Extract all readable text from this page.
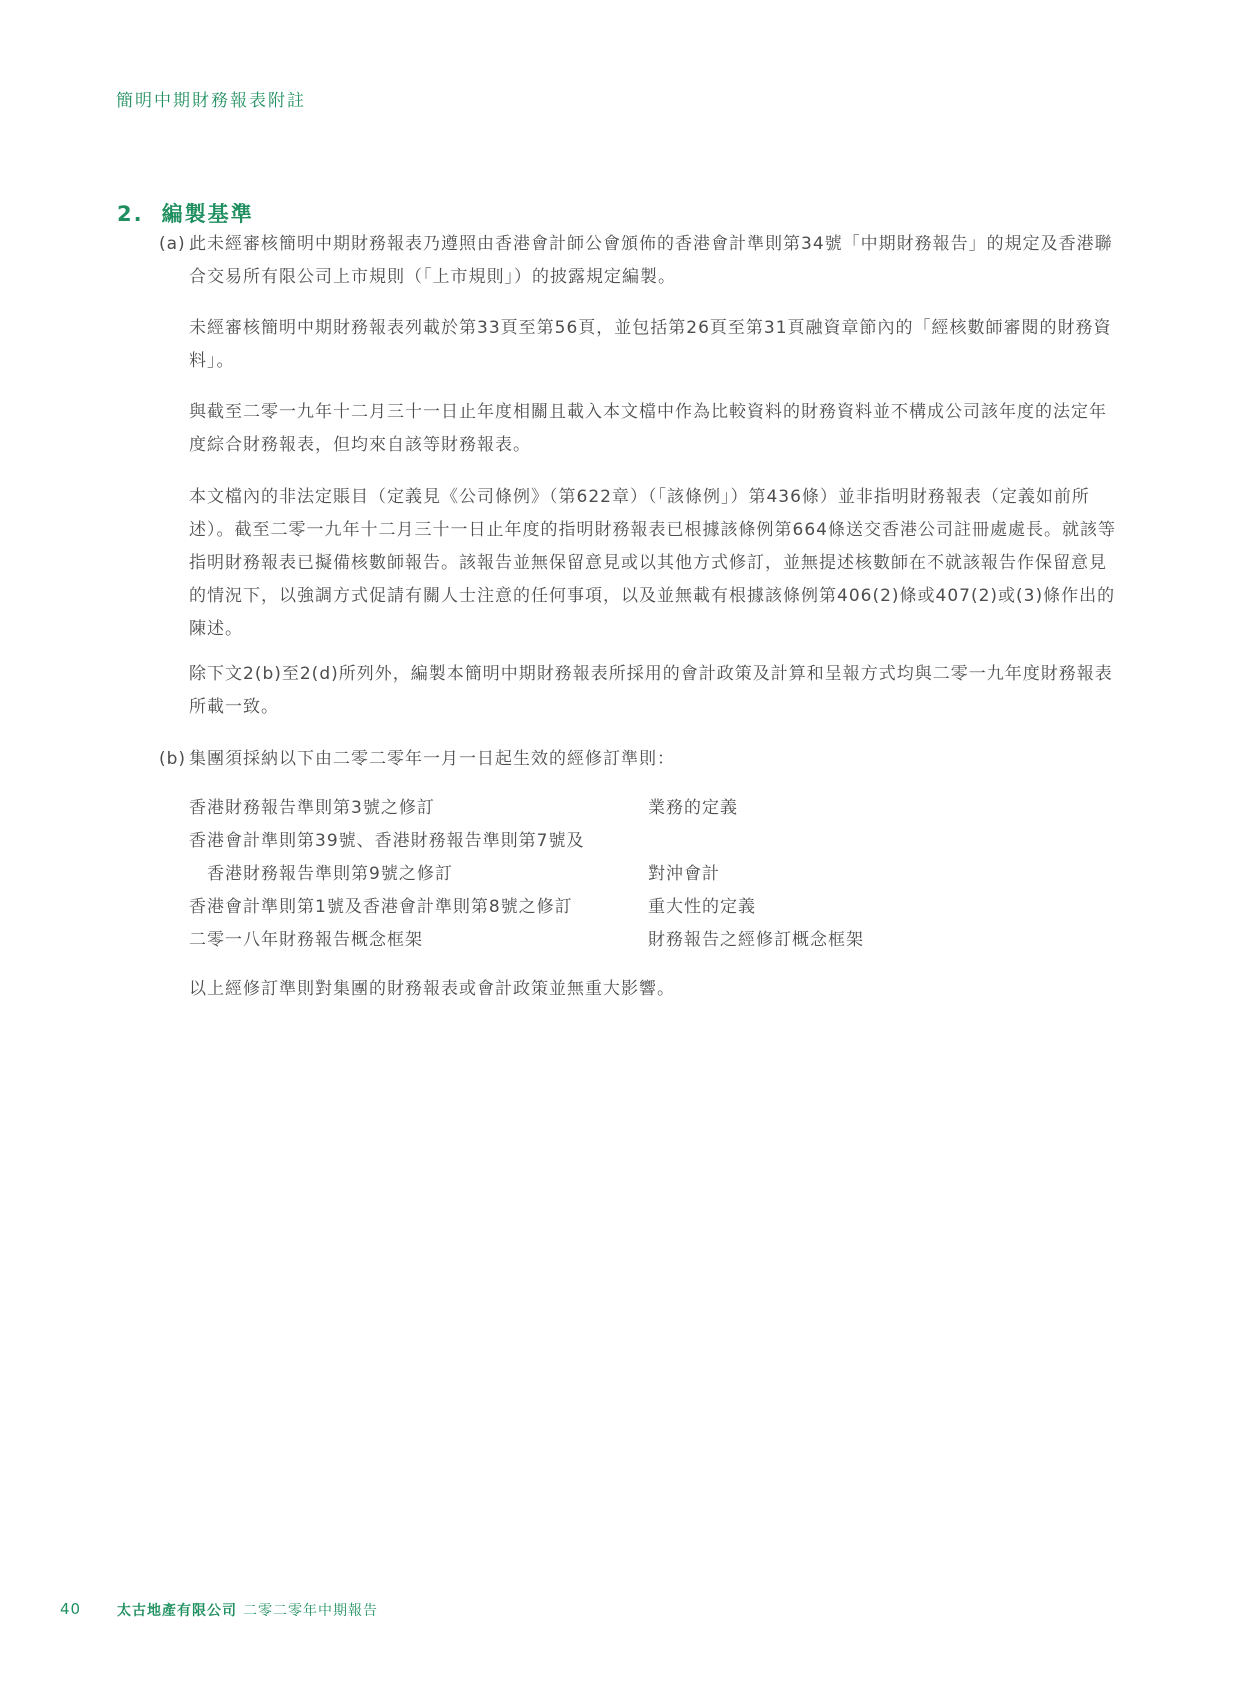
簡明中期財務報表附註
2. 編製基準
(a) 此未經審核簡明中期財務報表乃遵照由香港會計師公會頒佈的香港會計準則第34號「中期財務報告」的規定及香港聯合交易所有限公司上市規則（「上市規則」）的披露規定編製。
未經審核簡明中期財務報表列載於第33頁至第56頁，並包括第26頁至第31頁融資章節內的「經核數師審閱的財務資料」。
與截至二零一九年十二月三十一日止年度相關且載入本文檔中作為比較資料的財務資料並不構成公司該年度的法定年度綜合財務報表，但均來自該等財務報表。
本文檔內的非法定賬目（定義見《公司條例》（第622章）（「該條例」）第436條）並非指明財務報表（定義如前所述）。截至二零一九年十二月三十一日止年度的指明財務報表已根據該條例第664條送交香港公司註冊處處長。就該等指明財務報表已擬備核數師報告。該報告並無保留意見或以其他方式修訂，並無提述核數師在不就該報告作保留意見的情況下，以強調方式促請有關人士注意的任何事項，以及並無載有根據該條例第406(2)條或407(2)或(3)條作出的陳述。
除下文2(b)至2(d)所列外，編製本簡明中期財務報表所採用的會計政策及計算和呈報方式均與二零一九年度財務報表所載一致。
(b) 集團須採納以下由二零二零年一月一日起生效的經修訂準則：
香港財務報告準則第3號之修訂	業務的定義
香港會計準則第39號、香港財務報告準則第7號及
香港財務報告準則第9號之修訂	對沖會計
香港會計準則第1號及香港會計準則第8號之修訂	重大性的定義
二零一八年財務報告概念框架	財務報告之經修訂概念框架
以上經修訂準則對集團的財務報表或會計政策並無重大影響。
40	太古地產有限公司 二零二零年中期報告
